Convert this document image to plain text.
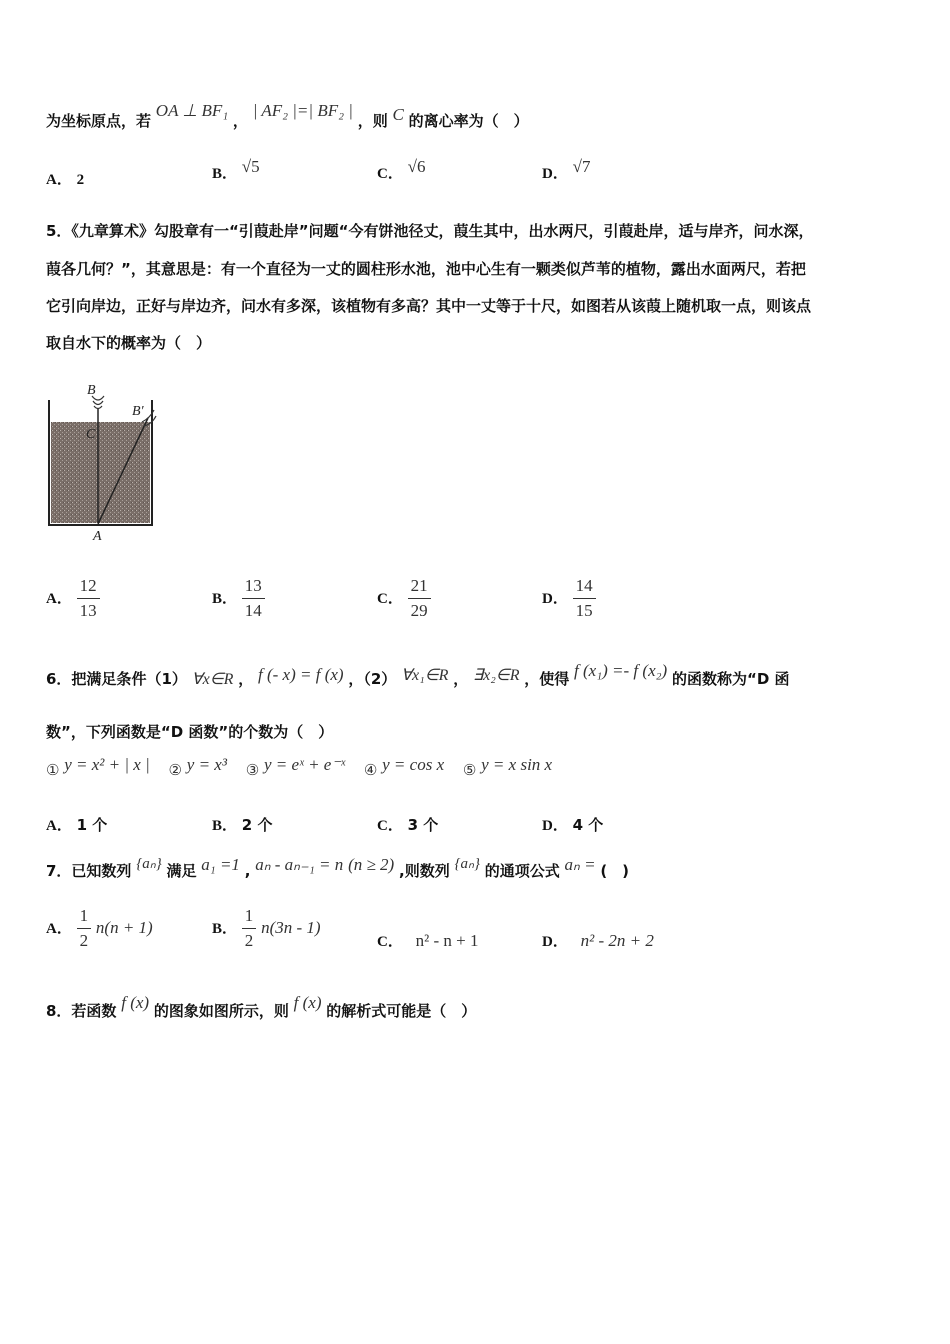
为坐标原点，若 OA ⊥ BF₁ ， | AF₂ |=| BF₂ | ，则 C 的离心率为（　）
A． 2	B． √5	C． √6	D． √7
5．《九章算术》勾股章有一“引葭赴岸”问题“今有饼池径丈，葭生其中，出水两尺，引葭赴岸，适与岸齐，问水深，
葭各几何？”，其意思是：有一个直径为一丈的圆柱形水池，池中心生有一颗类似芦苇的植物，露出水面两尺，若把
它引向岸边，正好与岸边齐，问水有多深，该植物有多高？其中一丈等于十尺，如图若从该葭上随机取一点，则该点
取自水下的概率为（　）
B
B′
C
A
A． $\frac{12}{13}$	B． $\frac{13}{14}$	C． $\frac{21}{29}$	D． $\frac{14}{15}$
6．把满足条件（1） ∀x∈R ， f (- x) = f (x) ，（2） ∀x₁∈R ， ∃x₂∈R ，使得 f (x₁) =- f (x₂) 的函数称为“D 函
数”，下列函数是“D 函数”的个数为（　）
① y = x² + | x | ② y = x³ ③ y = eˣ + e⁻ˣ ④ y = cos x ⑤ y = x sin x
A． 1 个	B． 2 个	C． 3 个	D． 4 个
7．已知数列 {aₙ} 满足 a₁ =1 , aₙ - aₙ₋₁ = n (n ≥ 2) ,则数列 {aₙ} 的通项公式 aₙ = (　)
A． $\frac{1}{2} n(n + 1)$	B． $\frac{1}{2} n(3n - 1)$
C． n² - n + 1	D． n² - 2n + 2
8．若函数 f (x) 的图象如图所示，则 f (x) 的解析式可能是（　）
